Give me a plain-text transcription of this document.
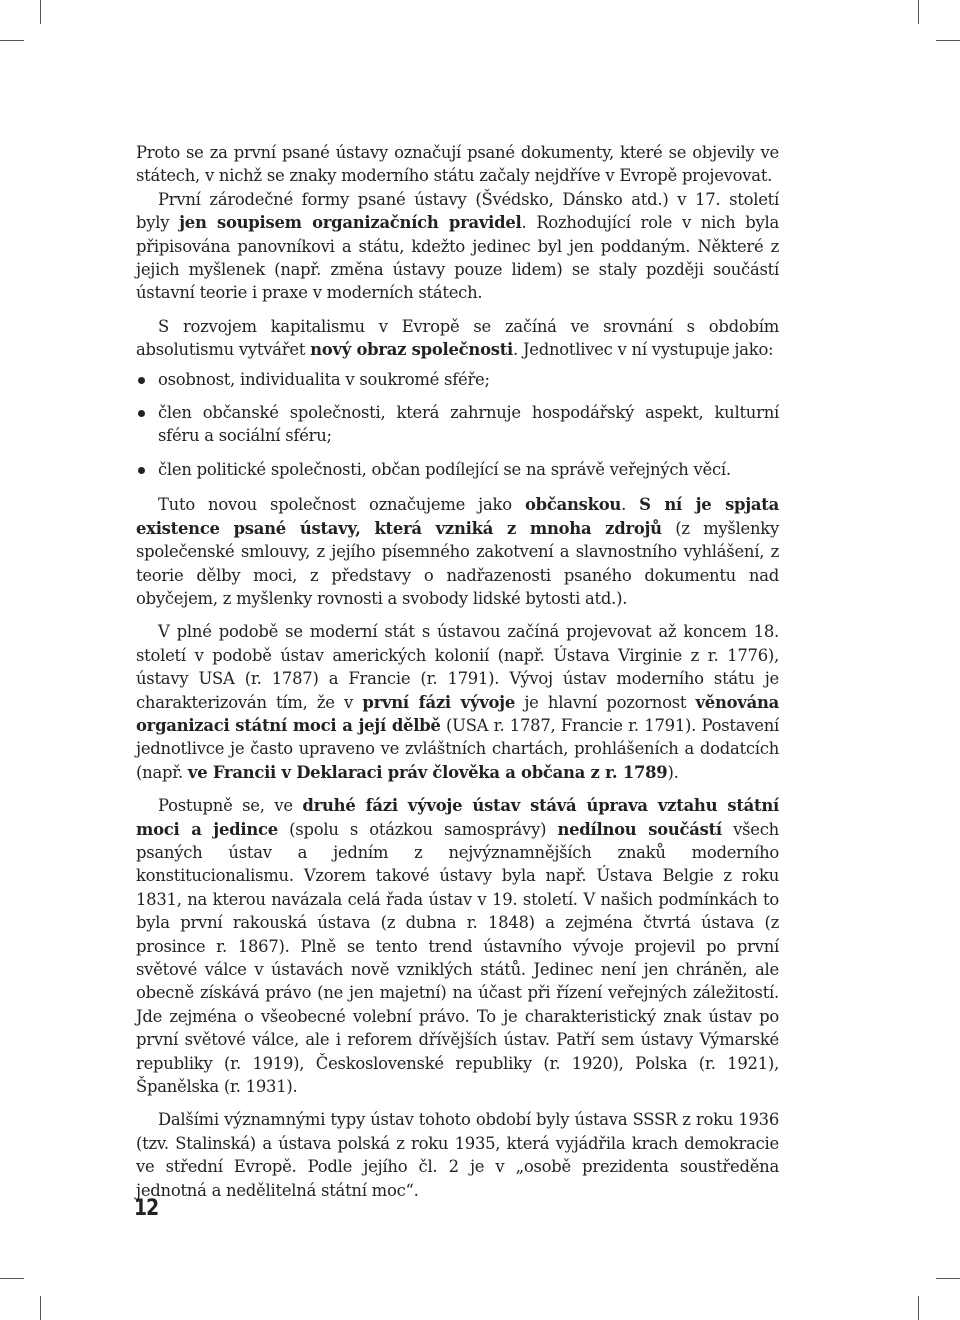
Proto se za první psané ústavy označují psané dokumenty, které se objevily ve státech, v nichž se znaky moderního státu začaly nejdříve v Evropě projevovat.

První zárodečné formy psané ústavy (Švédsko, Dánsko atd.) v 17. století byly jen soupisem organizačních pravidel. Rozhodující role v nich byla připisována panovníkovi a státu, kdežto jedinec byl jen poddaným. Některé z jejich myšlenek (např. změna ústavy pouze lidem) se staly později součástí ústavní teorie i praxe v moderních státech.

S rozvojem kapitalismu v Evropě se začíná ve srovnání s obdobím absolutismu vytvářet nový obraz společnosti. Jednotlivec v ní vystupuje jako:

osobnost, individualita v soukromé sféře;
člen občanské společnosti, která zahrnuje hospodářský aspekt, kulturní sféru a sociální sféru;
člen politické společnosti, občan podílející se na správě veřejných věcí.

Tuto novou společnost označujeme jako občanskou. S ní je spjata existence psané ústavy, která vzniká z mnoha zdrojů (z myšlenky společenské smlouvy, z jejího písemného zakotvení a slavnostního vyhlášení, z teorie dělby moci, z představy o nadřazenosti psaného dokumentu nad obyčejem, z myšlenky rovnosti a svobody lidské bytosti atd.).

V plné podobě se moderní stát s ústavou začíná projevovat až koncem 18. století v podobě ústav amerických kolonií (např. Ústava Virginie z r. 1776), ústavy USA (r. 1787) a Francie (r. 1791). Vývoj ústav moderního státu je charakterizován tím, že v první fázi vývoje je hlavní pozornost věnována organizaci státní moci a její dělbě (USA r. 1787, Francie r. 1791). Postavení jednotlivce je často upraveno ve zvláštních chartách, prohlášeních a dodatcích (např. ve Francii v Deklaraci práv člověka a občana z r. 1789).

Postupně se, ve druhé fázi vývoje ústav stává úprava vztahu státní moci a jedince (spolu s otázkou samosprávy) nedílnou součástí všech psaných ústav a jedním z nejvýznamnějších znaků moderního konstitucionalismu. Vzorem takové ústavy byla např. Ústava Belgie z roku 1831, na kterou navázala celá řada ústav v 19. století. V našich podmínkách to byla první rakouská ústava (z dubna r. 1848) a zejména čtvrtá ústava (z prosince r. 1867). Plně se tento trend ústavního vývoje projevil po první světové válce v ústavách nově vzniklých států. Jedinec není jen chráněn, ale obecně získává právo (ne jen majetní) na účast při řízení veřejných záležitostí. Jde zejména o všeobecné volební právo. To je charakteristický znak ústav po první světové válce, ale i reforem dřívějších ústav. Patří sem ústavy Výmarské republiky (r. 1919), Československé republiky (r. 1920), Polska (r. 1921), Španělska (r. 1931).

Dalšími významnými typy ústav tohoto období byly ústava SSSR z roku 1936 (tzv. Stalinská) a ústava polská z roku 1935, která vyjádřila krach demokracie ve střední Evropě. Podle jejího čl. 2 je v „osobě prezidenta soustředěna jednotná a nedělitelná státní moc“.

12
